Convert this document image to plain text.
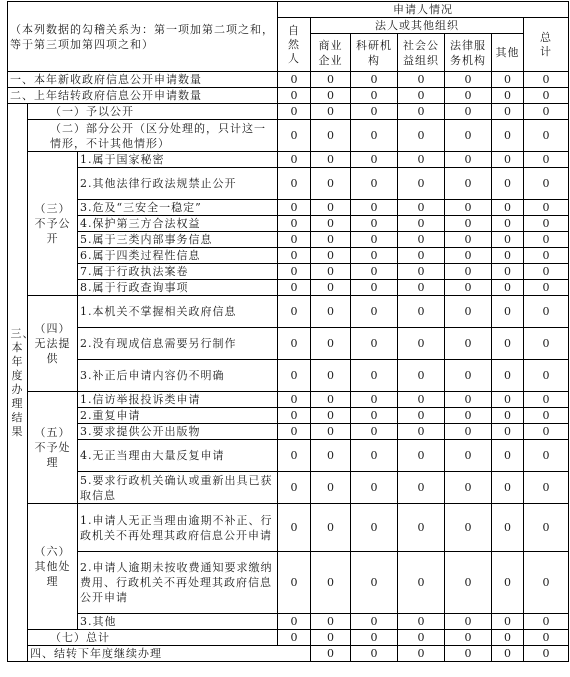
（本列数据的勾稽关系为：第一项加第二项之和，等于第三项加第四项之和）			申请人情况							
			自然人	法人或其他组织					总计	
				商业企业	科研机构	社会公益组织	法律服务机构	其他		
一、本年新收政府信息公开申请数量			0	0	0	0	0	0	0	
二、上年结转政府信息公开申请数量			0	0	0	0	0	0	0	
三、本年度办理结果	（一）予以公开		0	0	0	0	0	0	0	
	（二）部分公开（区分处理的，只计这一情形，不计其他情形）		0	0	0	0	0	0	0	
	（三）不予公开	1.属于国家秘密	0	0	0	0	0	0	0	
		2.其他法律行政法规禁止公开	0	0	0	0	0	0	0	
		3.危及“三安全一稳定”	0	0	0	0	0	0	0	
		4.保护第三方合法权益	0	0	0	0	0	0	0	
		5.属于三类内部事务信息	0	0	0	0	0	0	0	
		6.属于四类过程性信息	0	0	0	0	0	0	0	
		7.属于行政执法案卷	0	0	0	0	0	0	0	
		8.属于行政查询事项	0	0	0	0	0	0	0	
	（四）无法提供	1.本机关不掌握相关政府信息	0	0	0	0	0	0	0	
		2.没有现成信息需要另行制作	0	0	0	0	0	0	0	
		3.补正后申请内容仍不明确	0	0	0	0	0	0	0	
	（五）不予处理	1.信访举报投诉类申请	0	0	0	0	0	0	0	
		2.重复申请	0	0	0	0	0	0	0	
		3.要求提供公开出版物	0	0	0	0	0	0	0	
		4.无正当理由大量反复申请	0	0	0	0	0	0	0	
		5.要求行政机关确认或重新出具已获取信息	0	0	0	0	0	0	0	
	（六）其他处理	1.申请人无正当理由逾期不补正、行政机关不再处理其政府信息公开申请	0	0	0	0	0	0	0	
		2.申请人逾期未按收费通知要求缴纳费用、行政机关不再处理其政府信息公开申请	0	0	0	0	0	0	0	
		3.其他	0	0	0	0	0	0	0	
	（七）总计		0	0	0	0	0	0	0	
	四、结转下年度继续办理			0	0	0	0	0	0	
